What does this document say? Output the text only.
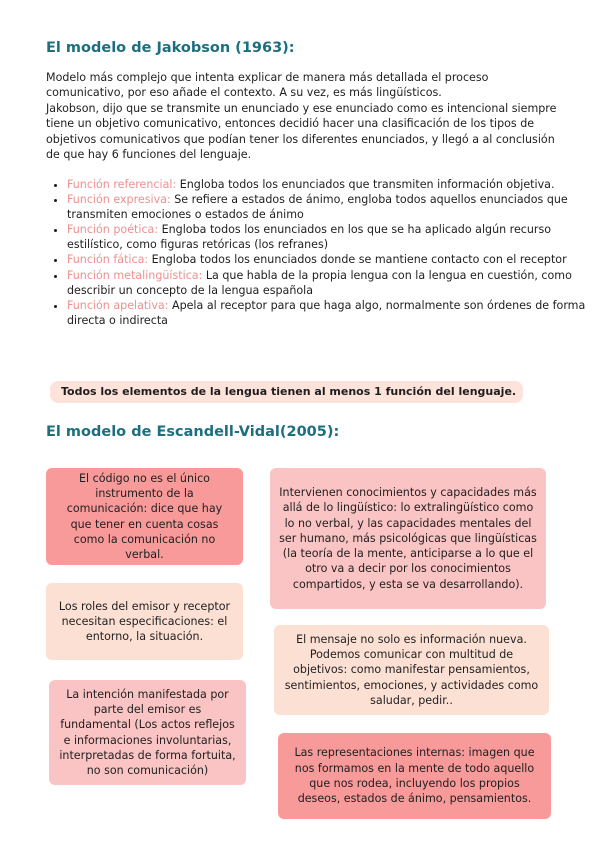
El modelo de Jakobson (1963):

Modelo más complejo que intenta explicar de manera más detallada el proceso comunicativo, por eso añade el contexto. A su vez, es más lingüísticos.

Jakobson, dijo que se transmite un enunciado y ese enunciado como es intencional siempre tiene un objetivo comunicativo, entonces decidió hacer una clasificación de los tipos de objetivos comunicativos que podían tener los diferentes enunciados, y llegó a al conclusión de que hay 6 funciones del lenguaje.

• Función referencial: Engloba todos los enunciados que transmiten información objetiva.
• Función expresiva: Se refiere a estados de ánimo, engloba todos aquellos enunciados que transmiten emociones o estados de ánimo
• Función poética: Engloba todos los enunciados en los que se ha aplicado algún recurso estilístico, como figuras retóricas (los refranes)
• Función fática: Engloba todos los enunciados donde se mantiene contacto con el receptor
• Función metalingüística: La que habla de la propia lengua con la lengua en cuestión, como describir un concepto de la lengua española
• Función apelativa: Apela al receptor para que haga algo, normalmente son órdenes de forma directa o indirecta
Todos los elementos de la lengua tienen al menos 1 función del lenguaje.
El modelo de Escandell-Vidal(2005):
El código no es el único instrumento de la comunicación: dice que hay que tener en cuenta cosas como la comunicación no verbal.
Los roles del emisor y receptor necesitan especificaciones: el entorno, la situación.
La intención manifestada por parte del emisor es fundamental (Los actos reflejos e informaciones involuntarias, interpretadas de forma fortuita, no son comunicación)
Intervienen conocimientos y capacidades más allá de lo lingüístico: lo extralingüístico como lo no verbal, y las capacidades mentales del ser humano, más psicológicas que lingüísticas (la teoría de la mente, anticiparse a lo que el otro va a decir por los conocimientos compartidos, y esta se va desarrollando).
El mensaje no solo es información nueva. Podemos comunicar con multitud de objetivos: como manifestar pensamientos, sentimientos, emociones, y actividades como saludar, pedir..
Las representaciones internas: imagen que nos formamos en la mente de todo aquello que nos rodea, incluyendo los propios deseos, estados de ánimo, pensamientos.
